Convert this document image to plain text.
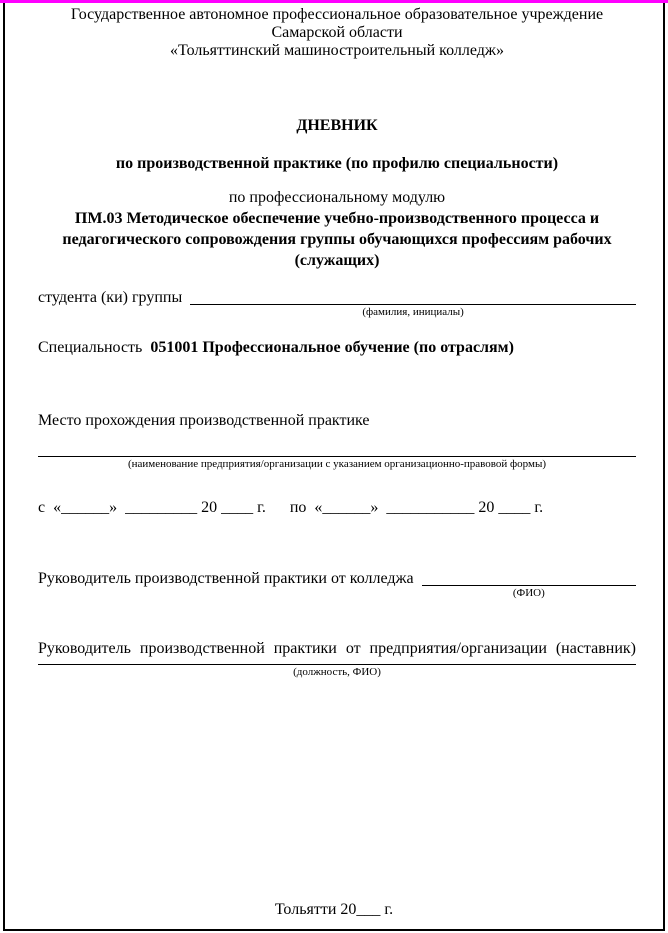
Государственное автономное профессиональное образовательное учреждение
Самарской области
«Тольяттинский машиностроительный колледж»
ДНЕВНИК
по производственной практике (по профилю специальности)
по профессиональному модулю
ПМ.03 Методическое обеспечение учебно-производственного процесса и педагогического сопровождения группы обучающихся профессиям рабочих (служащих)
студента (ки) группы
(фамилия, инициалы)
Специальность 051001 Профессиональное обучение (по отраслям)
Место прохождения производственной практике
(наименование предприятия/организации с указанием организационно-правовой формы)
с  «______»  _________ 20 ____ г.      по  «______»  ___________ 20 ____ г.
Руководитель производственной практики от колледжа
(ФИО)
Руководитель производственной практики от предприятия/организации (наставник)
(должность, ФИО)
Тольятти 20___ г.
